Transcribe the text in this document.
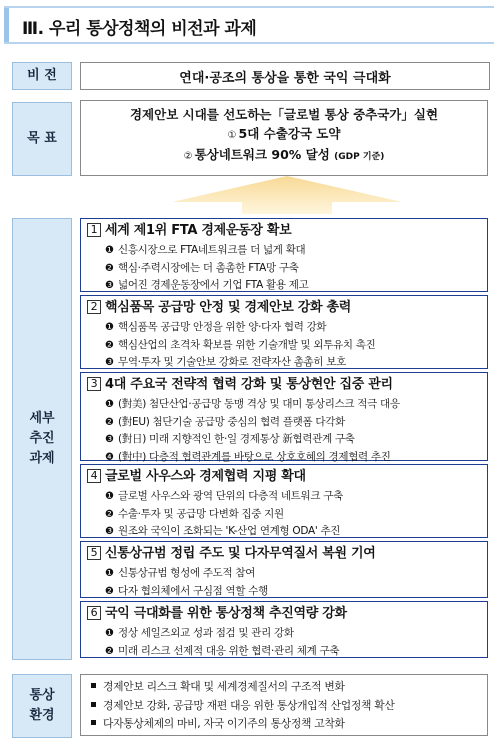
Ⅲ. 우리 통상정책의 비전과 과제
비 전
목 표
세부
추진
과제
통상
환경
연대·공조의 통상을 통한 국익 극대화
경제안보 시대를 선도하는「글로벌 통상 중추국가」실현
① 5대 수출강국 도약
② 통상네트워크 90% 달성 (GDP 기준)
1 세계 제1위 FTA 경제운동장 확보
❶ 신흥시장으로 FTA네트워크를 더 넓게 확대
❷ 핵심·주력시장에는 더 촘촘한 FTA망 구축
❸ 넓어진 경제운동장에서 기업 FTA 활용 제고
2 핵심품목 공급망 안정 및 경제안보 강화 총력
❶ 핵심품목 공급망 안정을 위한 양·다자 협력 강화
❷ 핵심산업의 초격차 확보를 위한 기술개발 및 외투유치 촉진
❸ 무역·투자 및 기술안보 강화로 전략자산 촘촘히 보호
3 4대 주요국 전략적 협력 강화 및 통상현안 집중 관리
❶ (對美) 첨단산업·공급망 동맹 격상 및 대미 통상리스크 적극 대응
❷ (對EU) 첨단기술 공급망 중심의 협력 플랫폼 다각화
❸ (對日) 미래 지향적인 한·일 경제통상 新협력관계 구축
❹ (對中) 다층적 협력관계를 바탕으로 상호호혜의 경제협력 추진
4 글로벌 사우스와 경제협력 지평 확대
❶ 글로벌 사우스와 광역 단위의 다층적 네트워크 구축
❷ 수출·투자 및 공급망 다변화 집중 지원
❸ 원조와 국익이 조화되는 'K-산업 연계형 ODA' 추진
5 신통상규범 정립 주도 및 다자무역질서 복원 기여
❶ 신통상규범 형성에 주도적 참여
❷ 다자 협의체에서 구심점 역할 수행
6 국익 극대화를 위한 통상정책 추진역량 강화
❶ 정상 세일즈외교 성과 점검 및 관리 강화
❷ 미래 리스크 선제적 대응 위한 협력·관리 체계 구축
경제안보 리스크 확대 및 세계경제질서의 구조적 변화
경제안보 강화, 공급망 재편 대응 위한 통상개입적 산업정책 확산
다자통상체제의 마비, 자국 이기주의 통상정책 고착화
